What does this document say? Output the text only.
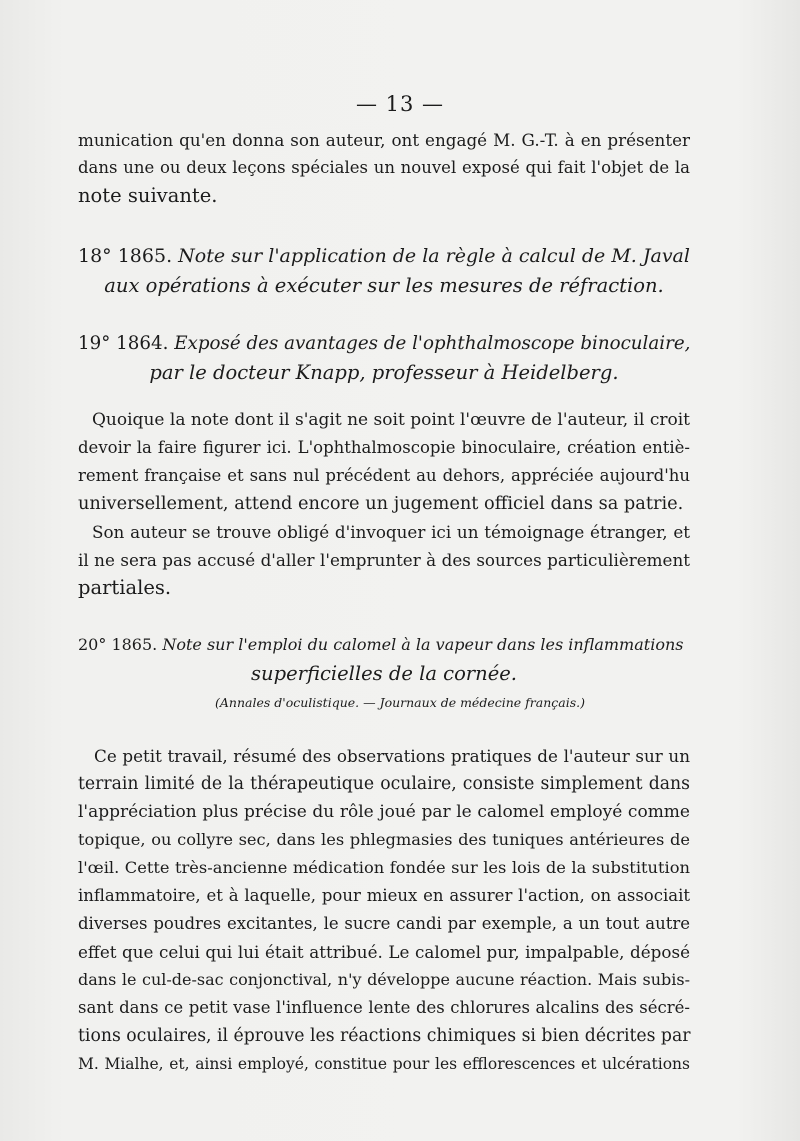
— 13 —
munication qu'en donna son auteur, ont engagé M. G.-T. à en présenter
dans une ou deux leçons spéciales un nouvel exposé qui fait l'objet de la
note suivante.
18° 1865. Note sur l'application de la règle à calcul de M. Javal
aux opérations à exécuter sur les mesures de réfraction.
19° 1864. Exposé des avantages de l'ophthalmoscope binoculaire,
par le docteur Knapp, professeur à Heidelberg.
Quoique la note dont il s'agit ne soit point l'œuvre de l'auteur, il croit
devoir la faire figurer ici. L'ophthalmoscopie binoculaire, création entiè-
rement française et sans nul précédent au dehors, appréciée aujourd'hu
universellement, attend encore un jugement officiel dans sa patrie.
Son auteur se trouve obligé d'invoquer ici un témoignage étranger, et
il ne sera pas accusé d'aller l'emprunter à des sources particulièrement
partiales.
20° 1865. Note sur l'emploi du calomel à la vapeur dans les inflammations
superficielles de la cornée.
(Annales d'oculistique. — Journaux de médecine français.)
Ce petit travail, résumé des observations pratiques de l'auteur sur un
terrain limité de la thérapeutique oculaire, consiste simplement dans
l'appréciation plus précise du rôle joué par le calomel employé comme
topique, ou collyre sec, dans les phlegmasies des tuniques antérieures de
l'œil. Cette très-ancienne médication fondée sur les lois de la substitution
inflammatoire, et à laquelle, pour mieux en assurer l'action, on associait
diverses poudres excitantes, le sucre candi par exemple, a un tout autre
effet que celui qui lui était attribué. Le calomel pur, impalpable, déposé
dans le cul-de-sac conjonctival, n'y développe aucune réaction. Mais subis-
sant dans ce petit vase l'influence lente des chlorures alcalins des sécré-
tions oculaires, il éprouve les réactions chimiques si bien décrites par
M. Mialhe, et, ainsi employé, constitue pour les efflorescences et ulcérations
